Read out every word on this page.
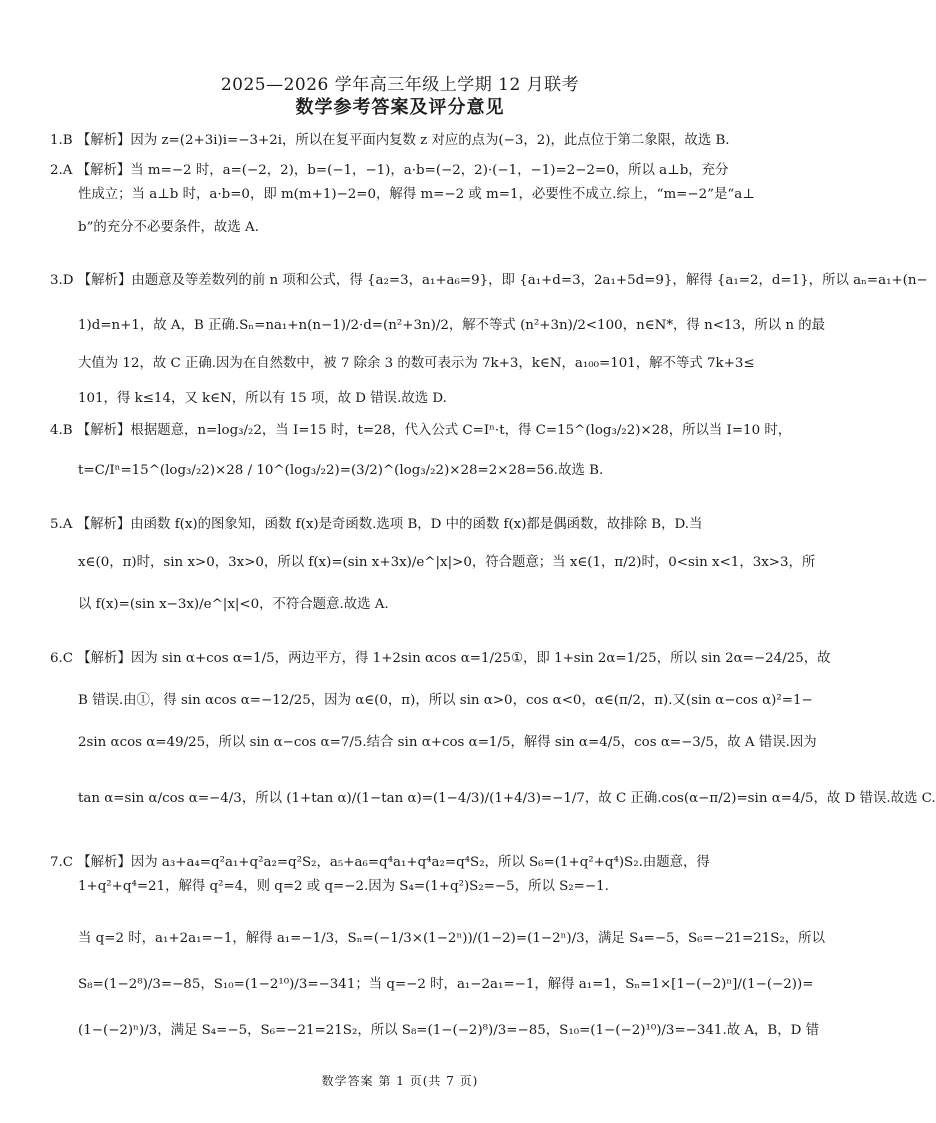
2025—2026 学年高三年级上学期 12 月联考
数学参考答案及评分意见
1.B 【解析】因为 z=(2+3i)i=−3+2i，所以在复平面内复数 z 对应的点为(−3，2)，此点位于第二象限，故选 B.
2.A 【解析】当 m=−2 时，a=(−2，2)，b=(−1，−1)，a·b=(−2，2)·(−1，−1)=2−2=0，所以 a⊥b，充分
性成立；当 a⊥b 时，a·b=0，即 m(m+1)−2=0，解得 m=−2 或 m=1，必要性不成立.综上，“m=−2”是“a⊥
b”的充分不必要条件，故选 A.
3.D 【解析】由题意及等差数列的前 n 项和公式，得 {a₂=3，a₁+a₆=9}，即 {a₁+d=3，2a₁+5d=9}，解得 {a₁=2，d=1}，所以 aₙ=a₁+(n−
1)d=n+1，故 A，B 正确.Sₙ=na₁+n(n−1)/2·d=(n²+3n)/2，解不等式 (n²+3n)/2<100，n∈N*，得 n<13，所以 n 的最
大值为 12，故 C 正确.因为在自然数中，被 7 除余 3 的数可表示为 7k+3，k∈N，a₁₀₀=101，解不等式 7k+3≤
101，得 k≤14，又 k∈N，所以有 15 项，故 D 错误.故选 D.
4.B 【解析】根据题意，n=log₃/₂2，当 I=15 时，t=28，代入公式 C=Iⁿ·t，得 C=15^(log₃/₂2)×28，所以当 I=10 时，
t=C/Iⁿ=15^(log₃/₂2)×28 / 10^(log₃/₂2)=(3/2)^(log₃/₂2)×28=2×28=56.故选 B.
5.A 【解析】由函数 f(x)的图象知，函数 f(x)是奇函数.选项 B，D 中的函数 f(x)都是偶函数，故排除 B，D.当
x∈(0，π)时，sin x>0，3x>0，所以 f(x)=(sin x+3x)/e^|x|>0，符合题意；当 x∈(1，π/2)时，0<sin x<1，3x>3，所
以 f(x)=(sin x−3x)/e^|x|<0，不符合题意.故选 A.
6.C 【解析】因为 sin α+cos α=1/5，两边平方，得 1+2sin αcos α=1/25①，即 1+sin 2α=1/25，所以 sin 2α=−24/25，故
B 错误.由①，得 sin αcos α=−12/25，因为 α∈(0，π)，所以 sin α>0，cos α<0，α∈(π/2，π).又(sin α−cos α)²=1−
2sin αcos α=49/25，所以 sin α−cos α=7/5.结合 sin α+cos α=1/5，解得 sin α=4/5，cos α=−3/5，故 A 错误.因为
tan α=sin α/cos α=−4/3，所以 (1+tan α)/(1−tan α)=(1−4/3)/(1+4/3)=−1/7，故 C 正确.cos(α−π/2)=sin α=4/5，故 D 错误.故选 C.
7.C 【解析】因为 a₃+a₄=q²a₁+q²a₂=q²S₂，a₅+a₆=q⁴a₁+q⁴a₂=q⁴S₂，所以 S₆=(1+q²+q⁴)S₂.由题意，得
1+q²+q⁴=21，解得 q²=4，则 q=2 或 q=−2.因为 S₄=(1+q²)S₂=−5，所以 S₂=−1.
当 q=2 时，a₁+2a₁=−1，解得 a₁=−1/3，Sₙ=(−1/3×(1−2ⁿ))/(1−2)=(1−2ⁿ)/3，满足 S₄=−5，S₆=−21=21S₂，所以
S₈=(1−2⁸)/3=−85，S₁₀=(1−2¹⁰)/3=−341；当 q=−2 时，a₁−2a₁=−1，解得 a₁=1，Sₙ=1×[1−(−2)ⁿ]/(1−(−2))=
(1−(−2)ⁿ)/3，满足 S₄=−5，S₆=−21=21S₂，所以 S₈=(1−(−2)⁸)/3=−85，S₁₀=(1−(−2)¹⁰)/3=−341.故 A，B，D 错
数学答案 第 1 页(共 7 页)
